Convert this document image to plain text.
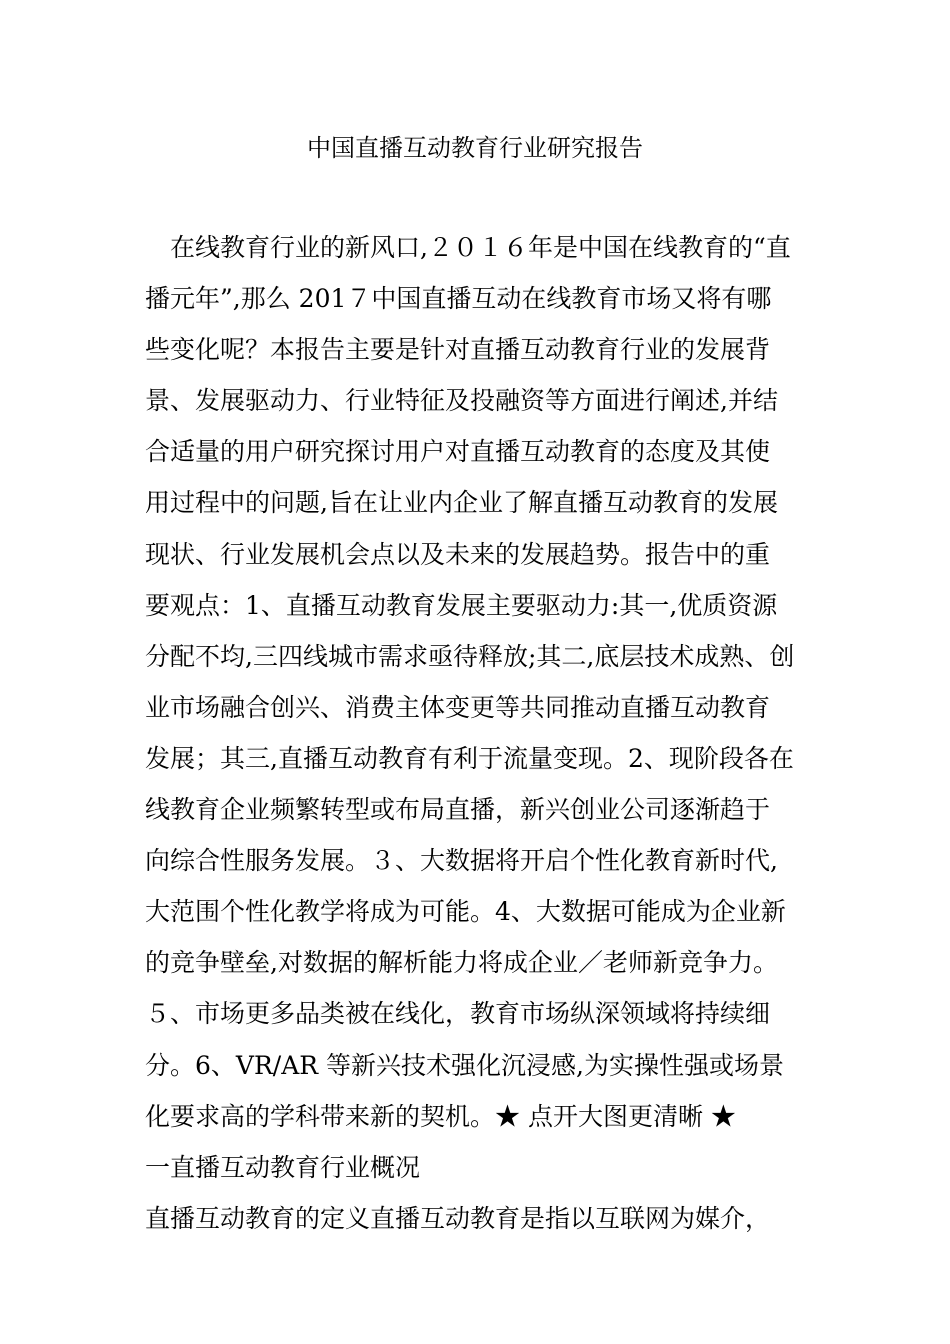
中国直播互动教育行业研究报告
　在线教育行业的新风口,２０１６年是中国在线教育的“直
播元年”,那么 201７中国直播互动在线教育市场又将有哪
些变化呢？本报告主要是针对直播互动教育行业的发展背
景、发展驱动力、行业特征及投融资等方面进行阐述,并结
合适量的用户研究探讨用户对直播互动教育的态度及其使
用过程中的问题,旨在让业内企业了解直播互动教育的发展
现状、行业发展机会点以及未来的发展趋势。报告中的重
要观点：1、直播互动教育发展主要驱动力:其一,优质资源
分配不均,三四线城市需求亟待释放;其二,底层技术成熟、创
业市场融合创兴、消费主体变更等共同推动直播互动教育
发展；其三,直播互动教育有利于流量变现。2、现阶段各在
线教育企业频繁转型或布局直播，新兴创业公司逐渐趋于
向综合性服务发展。３、大数据将开启个性化教育新时代,
大范围个性化教学将成为可能。4、大数据可能成为企业新
的竞争壁垒,对数据的解析能力将成企业／老师新竞争力。
５、市场更多品类被在线化，教育市场纵深领域将持续细
分。6、VR/AR 等新兴技术强化沉浸感,为实操性强或场景
化要求高的学科带来新的契机。★ 点开大图更清晰 ★
一直播互动教育行业概况
直播互动教育的定义直播互动教育是指以互联网为媒介，
